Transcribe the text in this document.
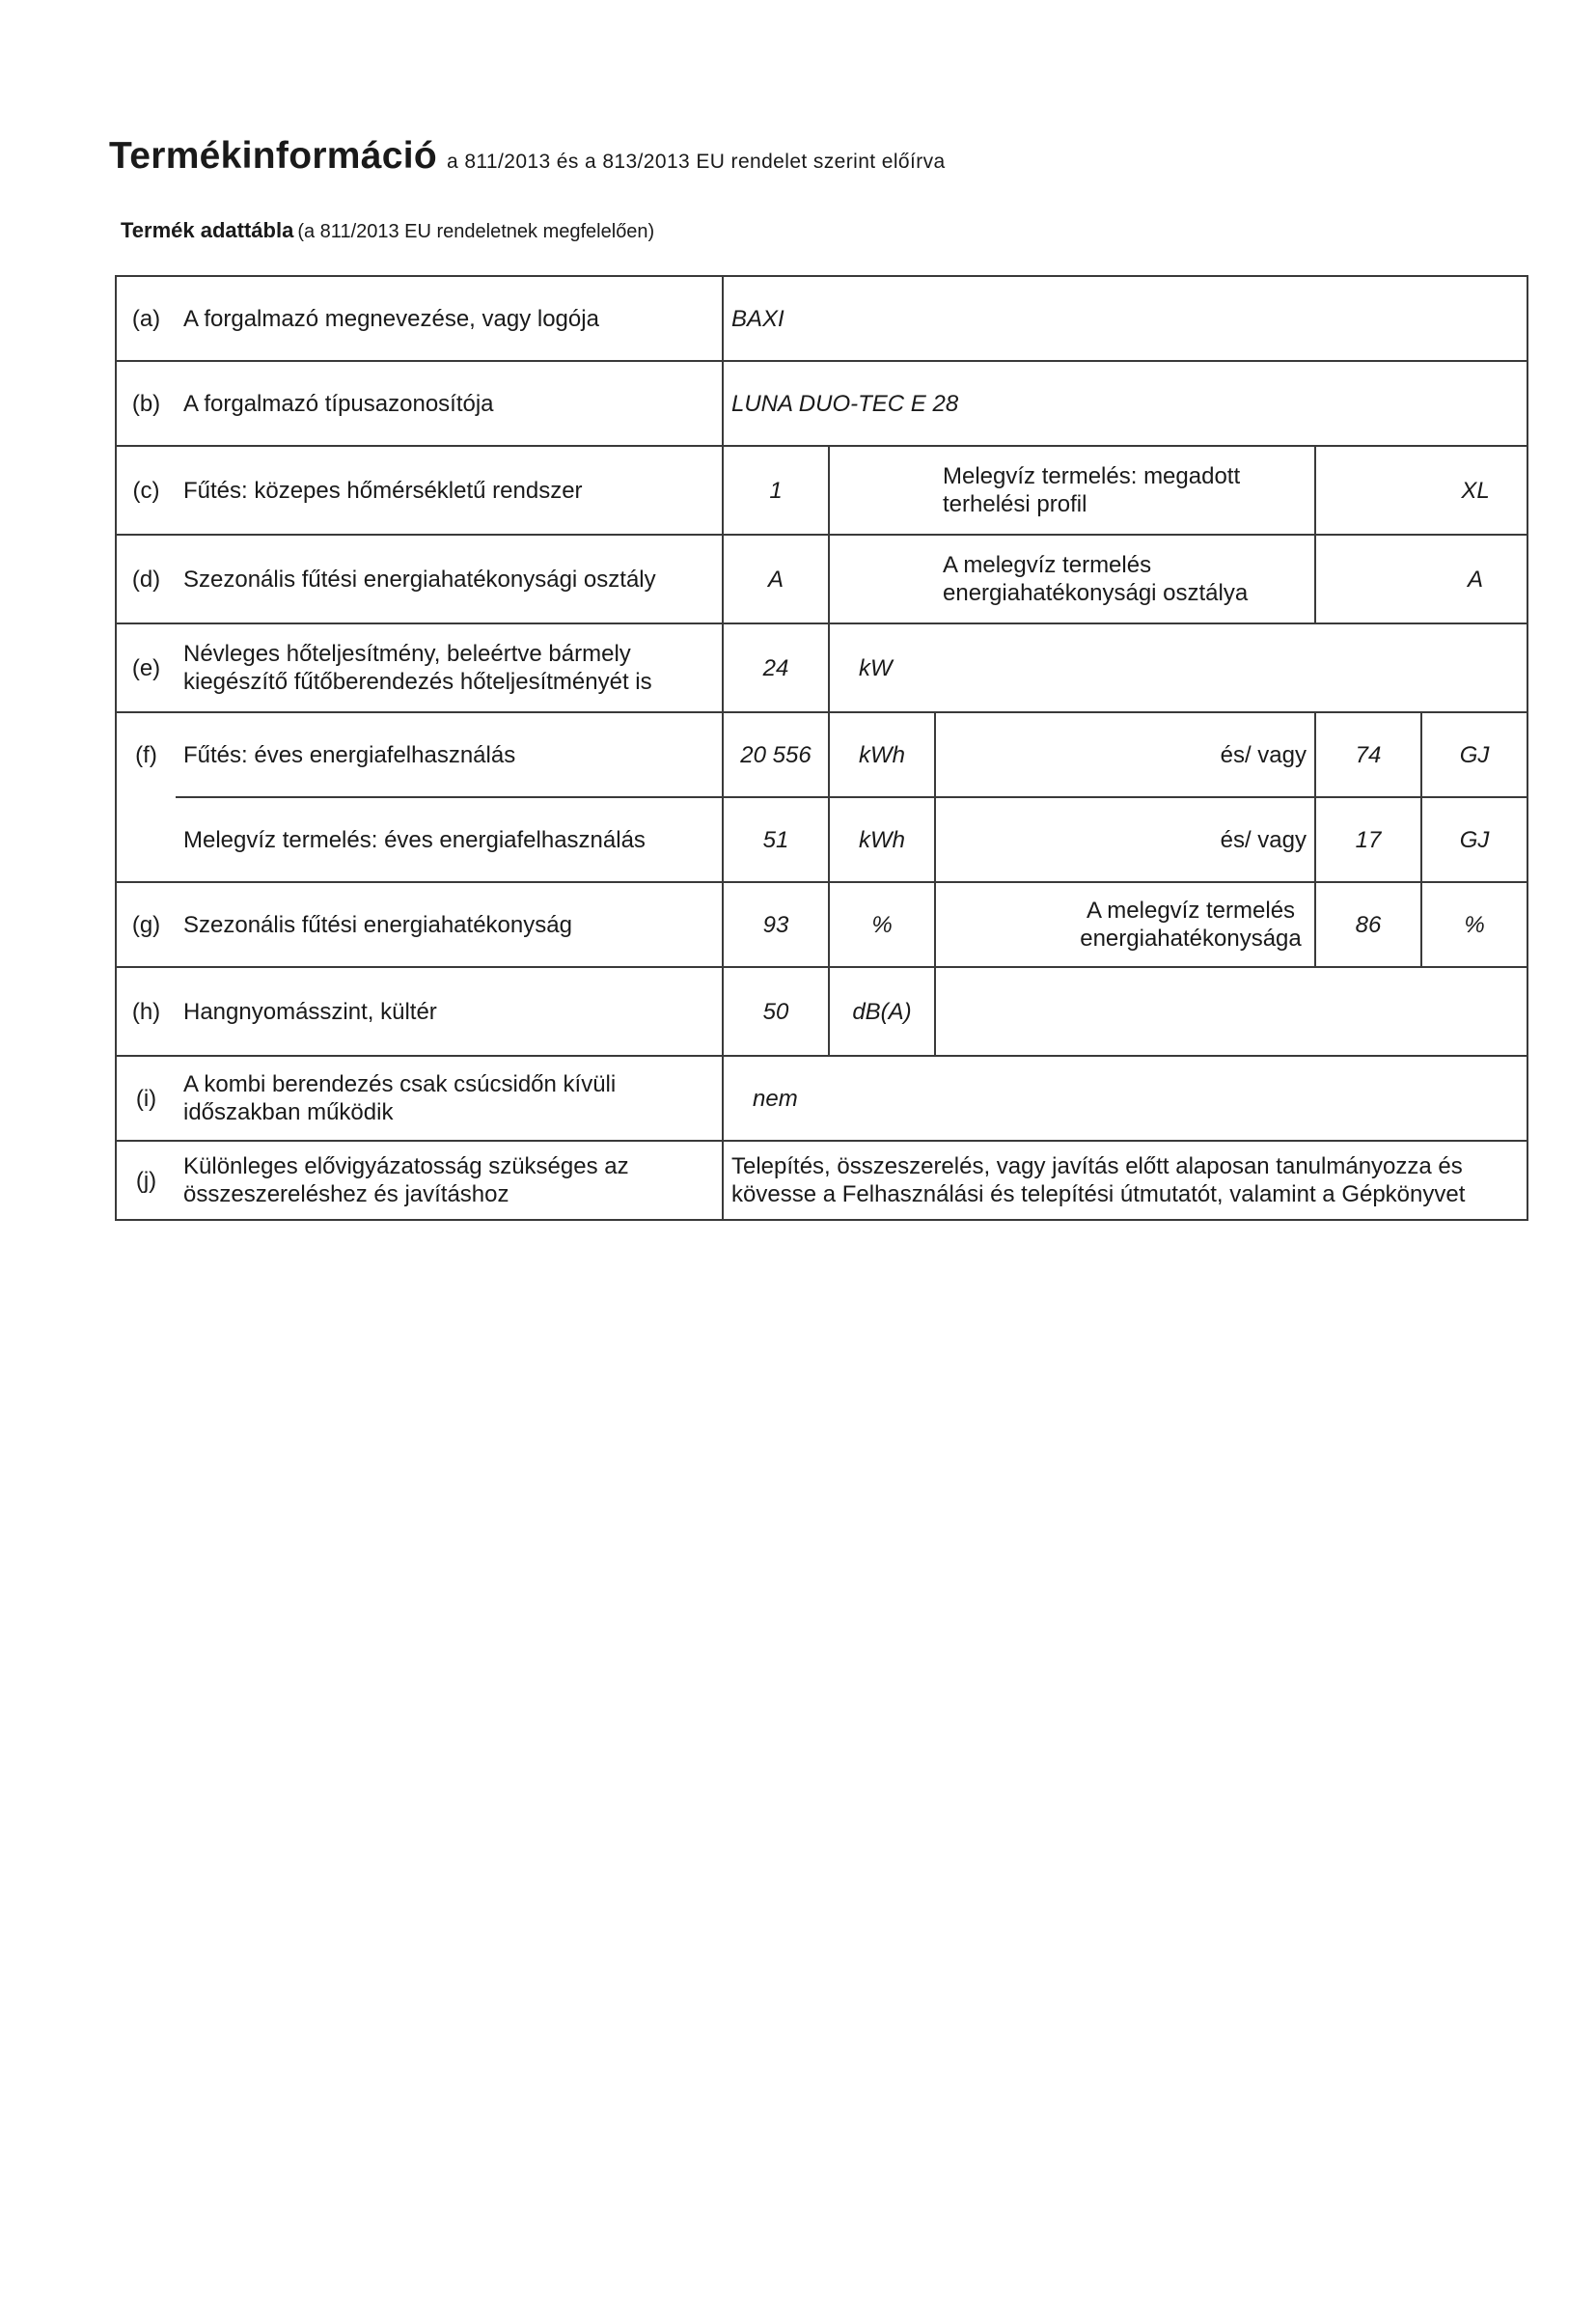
Termékinformáció a 811/2013 és a 813/2013 EU rendelet szerint előírva
Termék adattábla (a 811/2013 EU rendeletnek megfelelően)
(a)	A forgalmazó megnevezése, vagy logója	BAXI				
(b)	A forgalmazó típusazonosítója	LUNA DUO-TEC E 28				
(c)	Fűtés: közepes hőmérsékletű rendszer	1		Melegvíz termelés: megadott terhelési profil	XL	
(d)	Szezonális fűtési energiahatékonysági osztály	A		A melegvíz termelés energiahatékonysági osztálya	A	
(e)	Névleges hőteljesítmény, beleértve bármely kiegészítő fűtőberendezés hőteljesítményét is	24	kW			
(f)	Fűtés: éves energiafelhasználás	20 556	kWh	és/ vagy	74	GJ
	Melegvíz termelés: éves energiafelhasználás	51	kWh	és/ vagy	17	GJ
(g)	Szezonális fűtési energiahatékonyság	93	%	A melegvíz termelés energiahatékonysága	86	%
(h)	Hangnyomásszint, kültér	50	dB(A)			
(i)	A kombi berendezés csak csúcsidőn kívüli időszakban működik	nem				
(j)	Különleges elővigyázatosság szükséges az összeszereléshez és javításhoz	Telepítés, összeszerelés, vagy javítás előtt alaposan tanulmányozza és kövesse a Felhasználási és telepítési útmutatót, valamint a Gépkönyvet				
